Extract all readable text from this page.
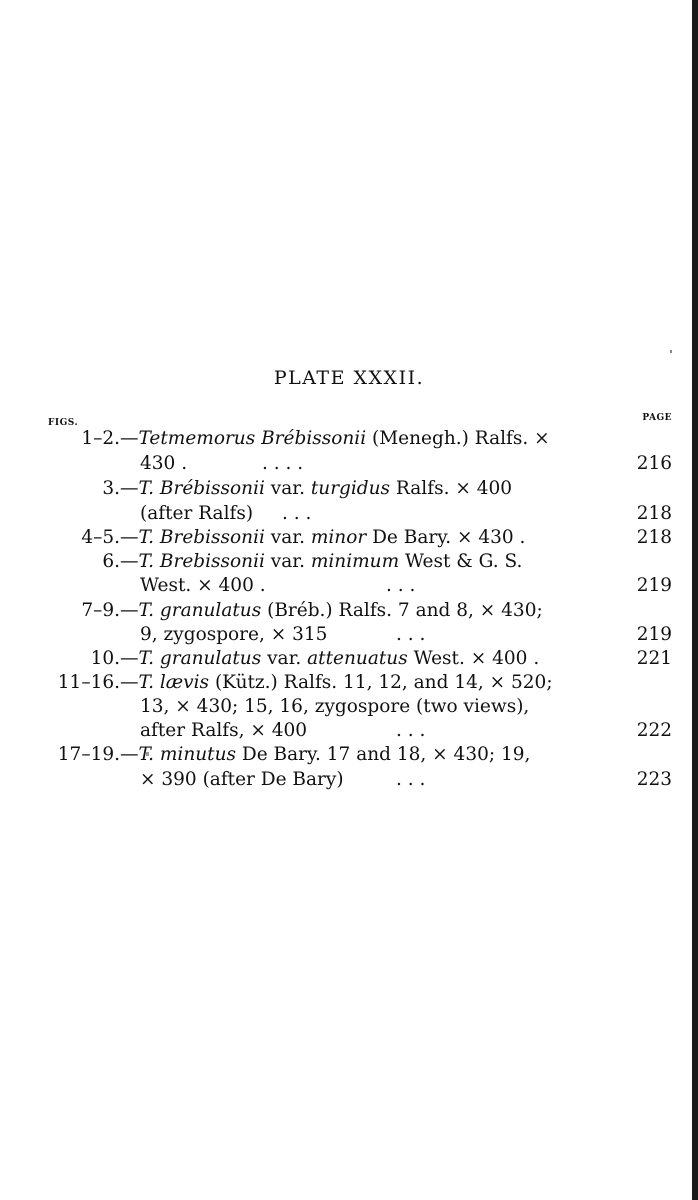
PLATE XXXII.
FIGS.	PAGE
1–2. —Tetmemorus Brébissonii (Menegh.) Ralfs. ×
430 .	. . . .	216
3. —T. Brébissonii var. turgidus Ralfs. × 400
(after Ralfs) . . .	218
4–5. —T. Brebissonii var. minor De Bary. × 430 .	218
6. —T. Brebissonii var. minimum West & G. S.
West. × 400 .	. . .	219
7–9. —T. granulatus (Bréb.) Ralfs. 7 and 8, × 430;
9, zygospore, × 315	. . .	219
10. —T. granulatus var. attenuatus West. × 400 .	221
11–16. —T. lævis (Kütz.) Ralfs. 11, 12, and 14, × 520;
13, × 430; 15, 16, zygospore (two views),
after Ralfs, × 400	. . .	222
17–19. —T. minutus De Bary. 17 and 18, × 430; 19,
× 390 (after De Bary)	. . .	223
